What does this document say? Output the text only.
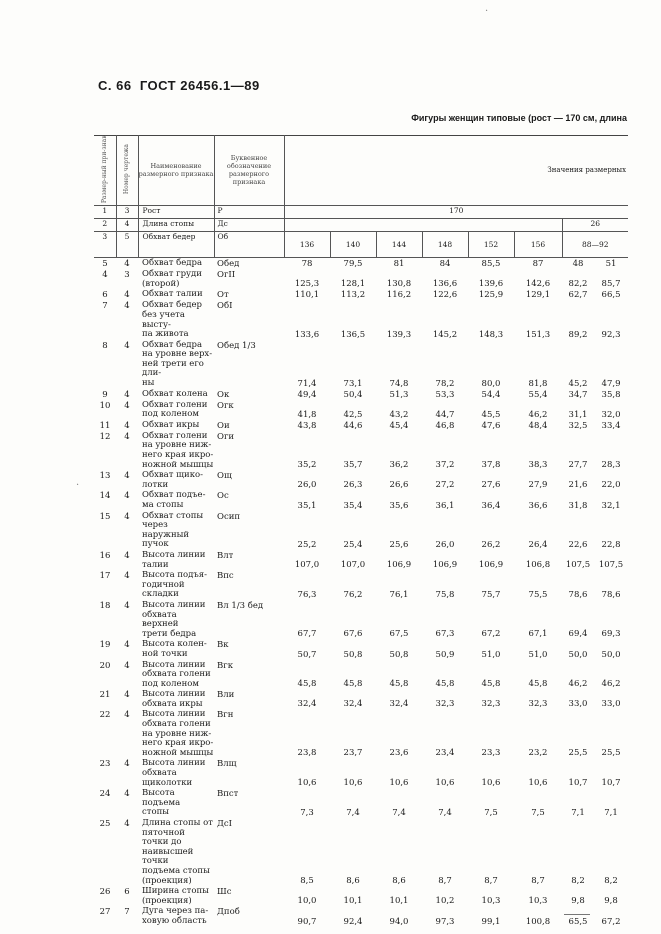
С. 66 ГОСТ 26456.1—89
Фигуры женщин типовые (рост — 170 см, длина
Размер-ный при-знак	Номер чертежа	Наименование размерного признака	Буквенное обозначение размерного признака	Значения размерных							
1	3	Рост	Р	170							
2	4	Длина стопы	Дс							26	
3	5	Обхват бедер	Об	136	140	144	148	152	156	88—92	
5	4	Обхват бедра	Обед	78	79,5	81	84	85,5	87	48	51
4	3	Обхват груди
(второй)	ОгII	125,3	128,1	130,8	136,6	139,6	142,6	82,2	85,7
6	4	Обхват талии	От	110,1	113,2	116,2	122,6	125,9	129,1	62,7	66,5
7	4	Обхват бедер
без учета высту-
па живота	ОбI	133,6	136,5	139,3	145,2	148,3	151,3	89,2	92,3
8	4	Обхват бедра
на уровне верх-
ней трети его дли-
ны	Обед 1/3	71,4	73,1	74,8	78,2	80,0	81,8	45,2	47,9
9	4	Обхват колена	Ок	49,4	50,4	51,3	53,3	54,4	55,4	34,7	35,8
10	4	Обхват голени
под коленом	Огк	41,8	42,5	43,2	44,7	45,5	46,2	31,1	32,0
11	4	Обхват икры	Ои	43,8	44,6	45,4	46,8	47,6	48,4	32,5	33,4
12	4	Обхват голени
на уровне ниж-
него края икро-
ножной мышцы	Оги	35,2	35,7	36,2	37,2	37,8	38,3	27,7	28,3
13	4	Обхват щико-
лотки	Ощ	26,0	26,3	26,6	27,2	27,6	27,9	21,6	22,0
14	4	Обхват подъе-
ма стопы	Ос	35,1	35,4	35,6	36,1	36,4	36,6	31,8	32,1
15	4	Обхват стопы
через наружный
пучок	Осип	25,2	25,4	25,6	26,0	26,2	26,4	22,6	22,8
16	4	Высота линии
талии	Влт	107,0	107,0	106,9	106,9	106,9	106,8	107,5	107,5
17	4	Высота подъя-
годичной складки	Впс	76,3	76,2	76,1	75,8	75,7	75,5	78,6	78,6
18	4	Высота линии
обхвата верхней
трети бедра	Вл 1/3 бед	67,7	67,6	67,5	67,3	67,2	67,1	69,4	69,3
19	4	Высота колен-
ной точки	Вк	50,7	50,8	50,8	50,9	51,0	51,0	50,0	50,0
20	4	Высота линии
обхвата голени
под коленом	Вгк	45,8	45,8	45,8	45,8	45,8	45,8	46,2	46,2
21	4	Высота линии
обхвата икры	Вли	32,4	32,4	32,4	32,3	32,3	32,3	33,0	33,0
22	4	Высота линии
обхвата голени
на уровне ниж-
него края икро-
ножной мышцы	Вгн	23,8	23,7	23,6	23,4	23,3	23,2	25,5	25,5
23	4	Высота линии
обхвата щиколотки	Влщ	10,6	10,6	10,6	10,6	10,6	10,6	10,7	10,7
24	4	Высота подъема
стопы	Впст	7,3	7,4	7,4	7,4	7,5	7,5	7,1	7,1
25	4	Длина стопы от
пяточной точки до
наивысшей точки
подъема стопы
(проекция)	ДсI	8,5	8,6	8,6	8,7	8,7	8,7	8,2	8,2
26	6	Ширина стопы
(проекция)	Шс	10,0	10,1	10,1	10,2	10,3	10,3	9,8	9,8
27	7	Дуга через па-
ховую область	Дпоб	90,7	92,4	94,0	97,3	99,1	100,8	65,5	67,2
·
·
